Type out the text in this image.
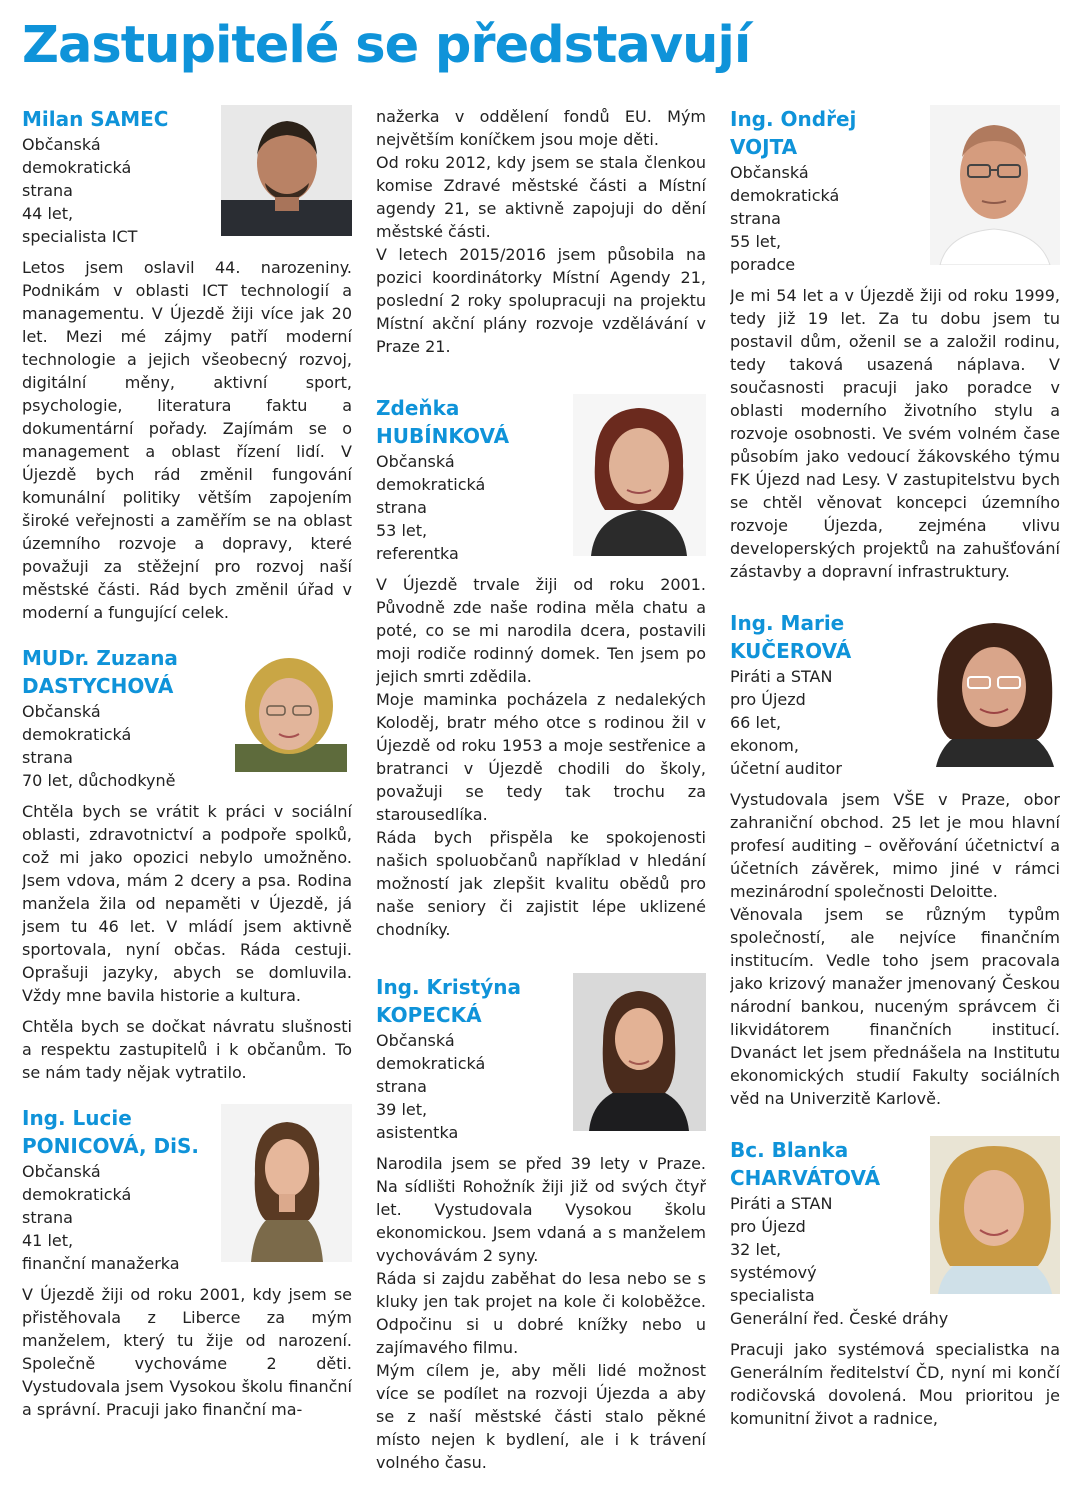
Zastupitelé se představují
Milan SAMEC
Občanská
demokratická
strana
44 let,
specialista ICT

Letos jsem oslavil 44. narozeniny. Podnikám v oblasti ICT technologií a managementu. V Újezdě žiji více jak 20 let. Mezi mé zájmy patří moderní technologie a jejich všeobecný rozvoj, digitální měny, aktivní sport, psychologie, literatura faktu a dokumentární pořady. Zajímám se o management a oblast řízení lidí. V Újezdě bych rád změnil fungování komunální politiky větším zapojením široké veřejnosti a zaměřím se na oblast územního rozvoje a dopravy, které považuji za stěžejní pro rozvoj naší městské části. Rád bych změnil úřad v moderní a fungující celek.

MUDr. Zuzana DASTYCHOVÁ
Občanská
demokratická
strana
70 let, důchodkyně

Chtěla bych se vrátit k práci v sociální oblasti, zdravotnictví a podpoře spolků, což mi jako opozici nebylo umožněno. Jsem vdova, mám 2 dcery a psa. Rodina manžela žila od nepaměti v Újezdě, já jsem tu 46 let. V mládí jsem aktivně sportovala, nyní občas. Ráda cestuji. Oprašuji jazyky, abych se domluvila. Vždy mne bavila historie a kultura.

Chtěla bych se dočkat návratu slušnosti a respektu zastupitelů i k občanům. To se nám tady nějak vytratilo.

Ing. Lucie PONICOVÁ, DiS.
Občanská
demokratická
strana
41 let,
finanční manažerka

V Újezdě žiji od roku 2001, kdy jsem se přistěhovala z Liberce za mým manželem, který tu žije od narození. Společně vychováme 2 děti. Vystudovala jsem Vysokou školu finanční a správní. Pracuji jako finanční ma-

nažerka v oddělení fondů EU. Mým největším koníčkem jsou moje děti.

Od roku 2012, kdy jsem se stala členkou komise Zdravé městské části a Místní agendy 21, se aktivně zapojuji do dění městské části.

V letech 2015/2016 jsem působila na pozici koordinátorky Místní Agendy 21, poslední 2 roky spolupracuji na projektu Místní akční plány rozvoje vzdělávání v Praze 21.

Zdeňka HUBÍNKOVÁ
Občanská
demokratická
strana
53 let,
referentka

V Újezdě trvale žiji od roku 2001. Původně zde naše rodina měla chatu a poté, co se mi narodila dcera, postavili moji rodiče rodinný domek. Ten jsem po jejich smrti zdědila.

Moje maminka pocházela z nedalekých Koloděj, bratr mého otce s rodinou žil v Újezdě od roku 1953 a moje sestřenice a bratranci v Újezdě chodili do školy, považuji se tedy tak trochu za starousedlíka.

Ráda bych přispěla ke spokojenosti našich spoluobčanů například v hledání možností jak zlepšit kvalitu obědů pro naše seniory či zajistit lépe uklizené chodníky.

Ing. Kristýna KOPECKÁ
Občanská
demokratická
strana
39 let,
asistentka

Narodila jsem se před 39 lety v Praze. Na sídlišti Rohožník žiji již od svých čtyř let. Vystudovala Vysokou školu ekonomickou. Jsem vdaná a s manželem vychovávám 2 syny.

Ráda si zajdu zaběhat do lesa nebo se s kluky jen tak projet na kole či koloběžce. Odpočinu si u dobré knížky nebo u zajímavého filmu.

Mým cílem je, aby měli lidé možnost více se podílet na rozvoji Újezda a aby se z naší městské části stalo pěkné místo nejen k bydlení, ale i k trávení volného času.

Ing. Ondřej VOJTA
Občanská
demokratická
strana
55 let,
poradce

Je mi 54 let a v Újezdě žiji od roku 1999, tedy již 19 let. Za tu dobu jsem tu postavil dům, oženil se a založil rodinu, tedy taková usazená náplava. V současnosti pracuji jako poradce v oblasti moderního životního stylu a rozvoje osobnosti. Ve svém volném čase působím jako vedoucí žákovského týmu FK Újezd nad Lesy. V zastupitelstvu bych se chtěl věnovat koncepci územního rozvoje Újezda, zejména vlivu developerských projektů na zahušťování zástavby a dopravní infrastruktury.

Ing. Marie KUČEROVÁ
Piráti a STAN
pro Újezd
66 let,
ekonom,
účetní auditor

Vystudovala jsem VŠE v Praze, obor zahraniční obchod. 25 let je mou hlavní profesí auditing – ověřování účetnictví a účetních závěrek, mimo jiné v rámci mezinárodní společnosti Deloitte.

Věnovala jsem se různým typům společností, ale nejvíce finančním institucím. Vedle toho jsem pracovala jako krizový manažer jmenovaný Českou národní bankou, nuceným správcem či likvidátorem finančních institucí. Dvanáct let jsem přednášela na Institutu ekonomických studií Fakulty sociálních věd na Univerzitě Karlově.

Bc. Blanka CHARVÁTOVÁ
Piráti a STAN
pro Újezd
32 let,
systémový
specialista
Generální řed. České dráhy

Pracuji jako systémová specialistka na Generálním ředitelství ČD, nyní mi končí rodičovská dovolená. Mou prioritou je komunitní život a radnice,
